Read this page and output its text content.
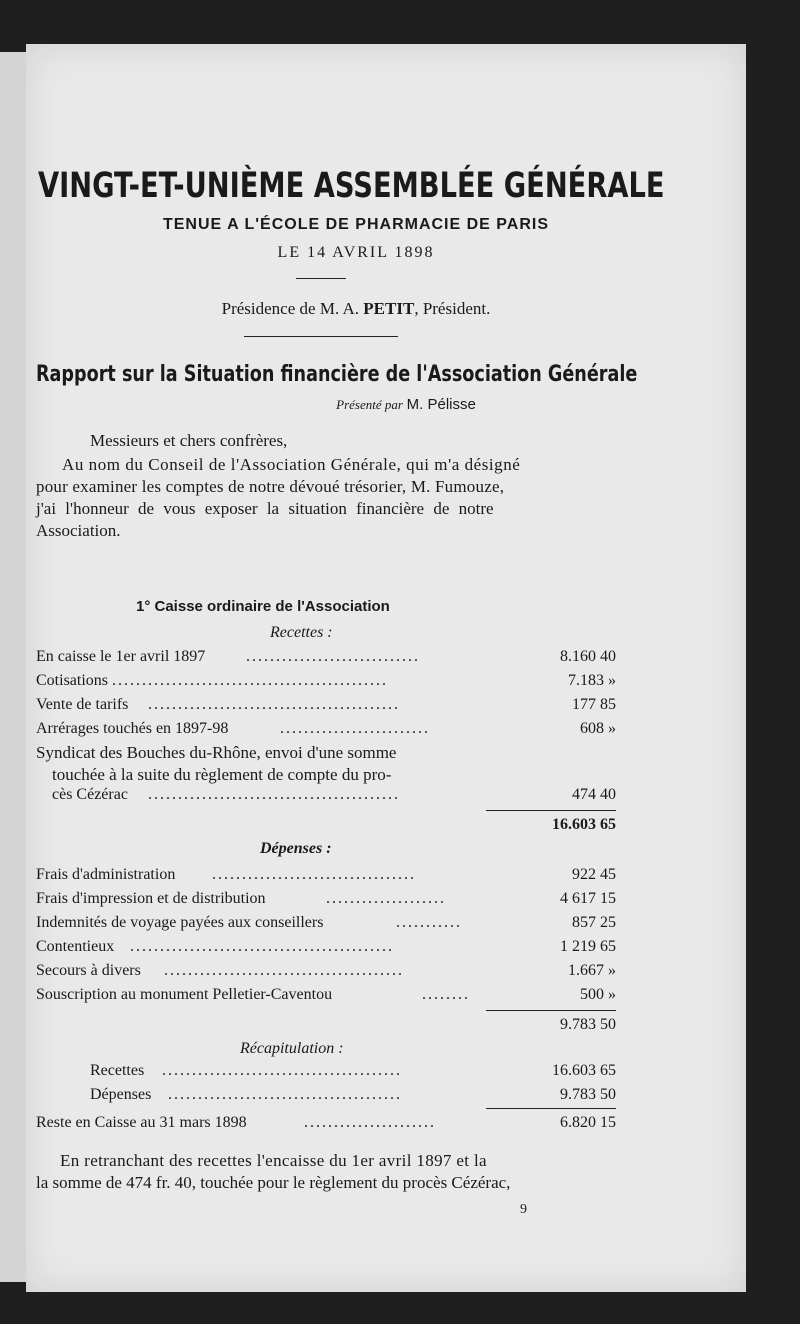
VINGT-ET-UNIÈME ASSEMBLÉE GÉNÉRALE
TENUE A L'ÉCOLE DE PHARMACIE DE PARIS
LE 14 AVRIL 1898
Présidence de M. A. PETIT, Président.
Rapport sur la Situation financière de l'Association Générale
Présenté par M. Pélisse
Messieurs et chers confrères,
Au nom du Conseil de l'Association Générale, qui m'a désigné
pour examiner les comptes de notre dévoué trésorier, M. Fumouze,
j'ai l'honneur de vous exposer la situation financière de notre
Association.
1° Caisse ordinaire de l'Association
Recettes :
En caisse le 1er avril 1897	.............................	8.160 40
Cotisations ..............................................	7.183 »
Vente de tarifs ..........................................	177 85
Arrérages touchés en 1897-98	.........................	608 »
Syndicat des Bouches du-Rhône, envoi d'une somme
touchée à la suite du règlement de compte du pro-
cès Cézérac ..........................................	474 40
16.603 65
Dépenses :
Frais d'administration ..................................	922 45
Frais d'impression et de distribution	....................	4 617 15
Indemnités de voyage payées aux conseillers	...........	857 25
Contentieux ............................................	1 219 65
Secours à divers ........................................	1.667 »
Souscription au monument Pelletier-Caventou	........	500 »
9.783 50
Récapitulation :
Recettes ........................................	16.603 65
Dépenses .......................................	9.783 50
Reste en Caisse au 31 mars 1898	......................	6.820 15
En retranchant des recettes l'encaisse du 1er avril 1897 et la
la somme de 474 fr. 40, touchée pour le règlement du procès Cézérac,
9
